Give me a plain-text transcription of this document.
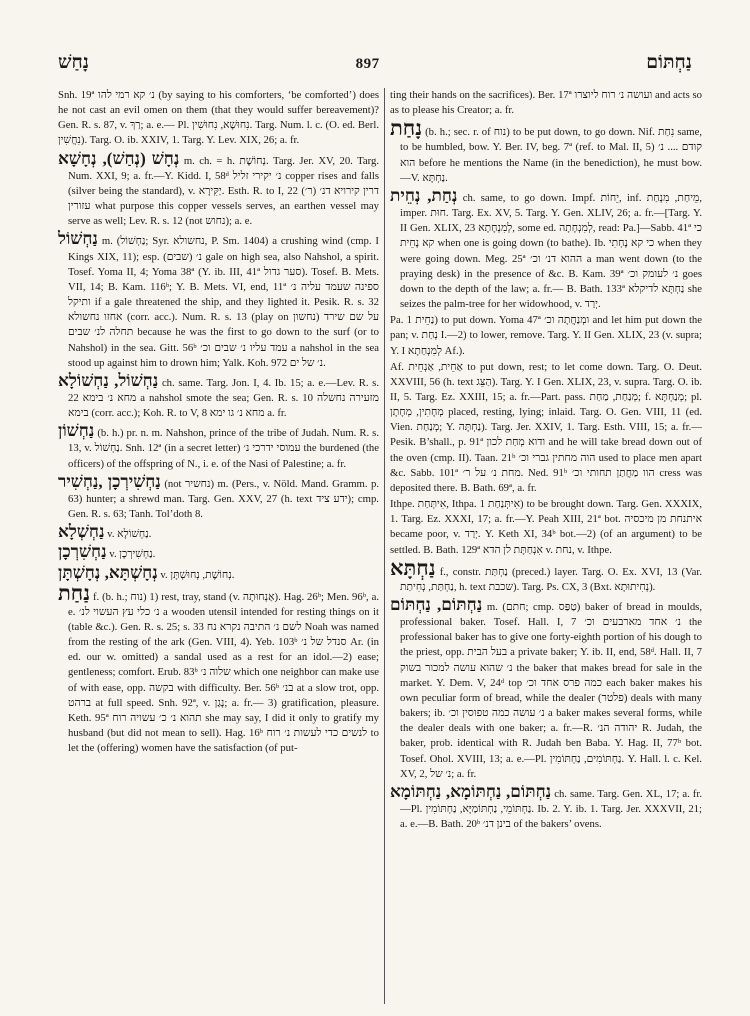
נָחַשׁ	897	נַחְתּוֹם

Snh. 19ª נ׳ קא רמי להו (by saying to his comforters, ‘be comforted’) does he not cast an evil omen on them (that they would suffer bereavement)? Gen. R. s. 87, v. רַךְ; a. e.— Pl. נִחוּשָׁא, נִחוּשִׁין. Targ. Num. l. c. (O. ed. Berl. נִחֲשִׁין). Targ. O. ib. XXIV, 1. Targ. Y. Lev. XIX, 26; a. fr.

נְחָשׁ (נְחַשׁ), נְחָשָׁא m. ch. = h. נְחוֹשֶׁת. Targ. Jer. XV, 20. Targ. Num. XXI, 9; a. fr.—Y. Kidd. I, 58ᵈ נ׳ יקירי זליל copper rises and falls (silver being the standard), v. יַקִּירָא. Esth. R. to I, 22 (דרין קירויא דנ׳ (ר׳ עזורין what purpose this copper vessels serves, an earthen vessel may serve as well; Lev. R. s. 12 (not נחוש); a. e.

נַחְשׁוֹל m. (נַחְשׁוֹל; Syr. נחשולא, P. Sm. 1404) a crushing wind (cmp. I Kings XIX, 11); esp. (שבים) נ׳ gale on high sea, also Nahshol, a spirit. Tosef. Yoma II, 4; Yoma 38ª (Y. ib. III, 41ª סער גדול). Tosef. B. Mets. VII, 14; B. Kam. 116ᵇ; Y. B. Mets. VI, end, 11ª ספינה שעמד עליה נ׳ ותיקל if a gale threatened the ship, and they lighted it. Pesik. R. s. 32 אחזו נחשולא (corr. acc.). Num. R. s. 13 (play on נחשון) על שם שירד תחלה לנ׳ שבים because he was the first to go down to the surf (or to Nahshol) in the sea. Gitt. 56ᵇ עמד עליו נ׳ שבים וכ׳ a nahshol in the sea stood up against him to drown him; Yalk. Koh. 972 נ׳ של ים.

נַחְשׁוֹל, נַחְשׁוֹלָא ch. same. Targ. Jon. I, 4. Ib. 15; a. e.—Lev. R. s. 22 מחא נ׳ בימא a nahshol smote the sea; Gen. R. s. 10 מזעירה נחשלה בימא (corr. acc.); Koh. R. to V, 8 מחא נ׳ גו ימא a. fr.

נַחְשׁוֹן (b. h.) pr. n. m. Nahshon, prince of the tribe of Judah. Num. R. s. 13, v. נַחְשׁוֹל. Snh. 12ª (in a secret letter) עמוסי ידרכי נ׳ the burdened (the officers) of the offspring of N., i. e. of the Nasi of Palestine; a. fr.

נַחְשִׁירְכָן ,נַחְשִׁיר (not נחשיר) m. (Pers., v. Nöld. Mand. Gramm. p. 63) hunter; a shrewd man. Targ. Gen. XXV, 27 (h. text ידע ציד); cmp. Gen. R. s. 63; Tanh. Tol’doth 8.

נַחְשְׁלָא v. נַחְשׁוֹלָא.

נַחְשִׁרְכָן v. נַחְשִׁירְכָן.

נְחָשְׁתָּא, נְחָשְׁתָּן v. נְחוֹשֶׁת, נְחוּשְׁתָּן.

נַחַת f. (b. h.; נוח) 1) rest, tray, stand (v. אַנְחוּתָה). Hag. 26ᵇ; Men. 96ᵇ, a. e. נ׳ כלי עץ העשוי לנ׳ a wooden utensil intended for resting things on it (table &c.). Gen. R. s. 25; s. 33 לשם נ׳ התיבה נקרא נח Noah was named from the resting of the ark (Gen. VIII, 4). Yeb. 103ᵇ סנדל של נ׳ Ar. (in ed. our w. omitted) a sandal used as a rest for an idol.—2) ease; gentleness; comfort. Erub. 83ᵇ שלוה נ׳ which one neighbor can make use of with ease, opp. בקשה with difficulty. Ber. 56ᵇ בנ׳ at a slow trot, opp. ברהט at full speed. Snh. 92ª, v. נָגַן; a. fr.— 3) gratification, pleasure. Keth. 95ª תהוא נ׳ כ׳ עשויה רוח she may say, I did it only to gratify my husband (but did not mean to sell). Hag. 16ᵇ לנשים כדי לעשות נ׳ רוח to let the (offering) women have the satisfaction (of put-

ting their hands on the sacrifices). Ber. 17ª ועושה נ׳ רוח ליוצרו and acts so as to please his Creator; a. fr.

נָחַת (b. h.; sec. r. of נוח) to be put down, to go down. Nif. נִחַת same, to be humbled, bow. Y. Ber. IV, beg. 7ª (ref. to Mal. II, 5) קודם .... נ׳ הוא before he mentions the Name (in the benediction), he must bow.—V. נַחְתָּא.

נְחַת, נְחֵית ch. same, to go down. Impf. יֵחוֹת, inf. מֵיחַת, מִנְחַת, imper. חוּת. Targ. Ex. XV, 5. Targ. Y. Gen. XLIV, 26; a. fr.—[Targ. Y. II Gen. XLIX, 23 לְמִנְחָתָא, some ed. לְמִנְחָתָה, read: Pa.]—Sabb. 41ª כי קא נָחֵית when one is going down (to bathe). Ib. כי קא נָחְתִי when they were going down. Meg. 25ª ההוא דנ׳ וכ׳ a man went down (to the praying desk) in the presence of &c. B. Kam. 39ª נ׳ לעומק וכ׳ goes down to the depth of the law; a. fr.— B. Bath. 133ª נַחְתָּא לדיקלא she seizes the palm-tree for her widowhood, v. יְרַד.

Pa. נַחֵית 1) to put down. Yoma 47ª ומְנַחֲתָה וכ׳ and let him put down the pan; v. נְחַת I.—2) to lower, remove. Targ. Y. II Gen. XLIX, 23 (v. supra; Y. I לְמִנְחַתָא Af.).

Af. אַחֵית, אַנְחֵית to put down, rest; to let come down. Targ. O. Deut. XXVIII, 56 (h. text הַצֵּג). Targ. Y. I Gen. XLIX, 23, v. supra. Targ. O. ib. II, 5. Targ. Ez. XXIII, 15; a. fr.—Part. pass. מְנַחַת, מַחַת; f. מְנַחְתָּא; pl. מְחָתִין, מְחָתָן placed, resting, lying; inlaid. Targ. O. Gen. VIII, 11 (ed. Vien. מְנַחַת; Y. נַחְתָּה). Targ. Jer. XXIV, 1. Targ. Esth. VIII, 15; a. fr.—Pesik. B’shall., p. 91ª ודוא מְחַת לכון and he will take bread down out of the oven (cmp. II). Taan. 21ᵇ הוה מחתין גברי וכ׳ used to place men apart &c. Sabb. 101ª מחת נ׳ על ר׳. Ned. 91ᵇ הוו מַחֲתַן תחותי וכ׳ cress was deposited there. B. Bath. 69ª, a. fr.

Ithpe. אִיתְּחַת, Ithpa. אִיתְּנַחַת 1) to be brought down. Targ. Gen. XXXIX, 1. Targ. Ez. XXXI, 17; a. fr.—Y. Peah XIII, 21ª bot. איתנחת מן מיכסיה became poor, v. יְרַד. Y. Keth XI, 34ᵇ bot.—2) (of an argument) to be settled. B. Bath. 129ª אִנְחַתָּת לן הדא v. נחת, v. Ithpe.

נַחְתָּא f., constr. נַחְתַּת (preced.) layer. Targ. O. Ex. XVI, 13 (Var. נַחְתַּת, נְחִיתַת, h. text שכבת). Targ. Ps. CX, 3 (Bxt. נְחִיתוּתָא).

נַחְתּוֹם, נַחְתּוֹם m. (חתם; cmp. טַפַּס) baker of bread in moulds, professional baker. Tosef. Hall. I, 7 נ׳ אחד מארבעים וכ׳ the professional baker has to give one forty-eighth portion of his dough to the priest, opp. בעל הבית a private baker; Y. ib. II, end, 58ᵈ. Hall. II, 7 נ׳ שהוא עושה למכור בשוק the baker that makes bread for sale in the market. Y. Dem. V, 24ᵈ top כמה פרס אחד וכ׳ each baker makes his own peculiar form of bread, while the dealer (פלטר) deals with many bakers; ib. נ׳ עושה כמה טפוסין וכ׳ a baker makes several forms, while the dealer deals with one baker; a. fr.—R. יהודה הנ׳ R. Judah, the baker, prob. identical with R. Judah ben Baba. Y. Hag. II, 77ᵇ bot. Tosef. Ohol. XVIII, 13; a. e.—Pl. נַחְתּוֹמִים, נַחְתּוֹמִין. Y. Hall. l. c. Kel. XV, 2, נ׳ של; a. fr.

נַחְתּוֹם, נַחְתּוֹמָא, נַחְתּוֹמָא ch. same. Targ. Gen. XL, 17; a. fr.—Pl. נַחְתּוֹמֵי, נַחְתּוֹמַיָּא, נַחְתּוֹמִין. Ib. 2. Y. ib. 1. Targ. Jer. XXXVII, 21; a. e.—B. Bath. 20ᵇ בינן דנ׳ of the bakers’ ovens.
